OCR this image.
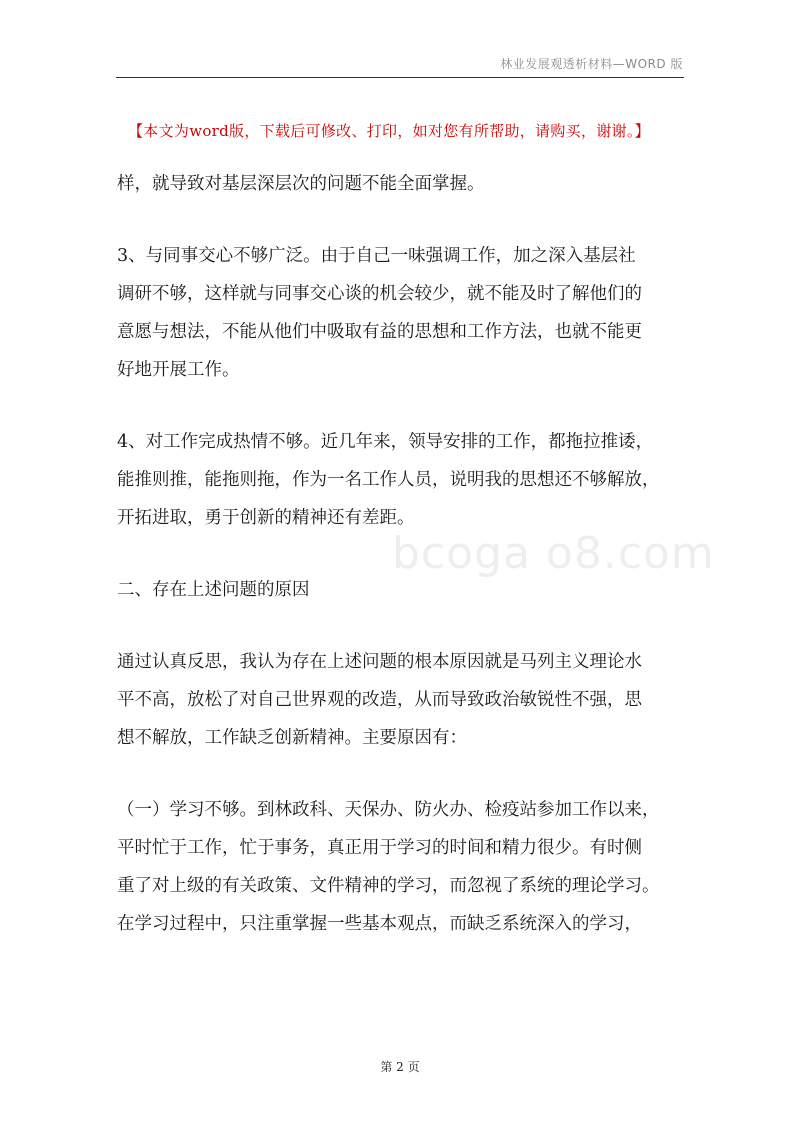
林业发展观透析材料—WORD 版
【本文为word版，下载后可修改、打印，如对您有所帮助，请购买，谢谢。】
bcoga o8.com
样，就导致对基层深层次的问题不能全面掌握。
3、与同事交心不够广泛。由于自己一味强调工作，加之深入基层社
调研不够，这样就与同事交心谈的机会较少，就不能及时了解他们的
意愿与想法，不能从他们中吸取有益的思想和工作方法，也就不能更
好地开展工作。
4、对工作完成热情不够。近几年来，领导安排的工作，都拖拉推诿，
能推则推，能拖则拖，作为一名工作人员，说明我的思想还不够解放，
开拓进取，勇于创新的精神还有差距。
二、存在上述问题的原因
通过认真反思，我认为存在上述问题的根本原因就是马列主义理论水
平不高，放松了对自己世界观的改造，从而导致政治敏锐性不强，思
想不解放，工作缺乏创新精神。主要原因有：
（一）学习不够。到林政科、天保办、防火办、检疫站参加工作以来，
平时忙于工作，忙于事务，真正用于学习的时间和精力很少。有时侧
重了对上级的有关政策、文件精神的学习，而忽视了系统的理论学习。
在学习过程中，只注重掌握一些基本观点，而缺乏系统深入的学习，
第 2 页
